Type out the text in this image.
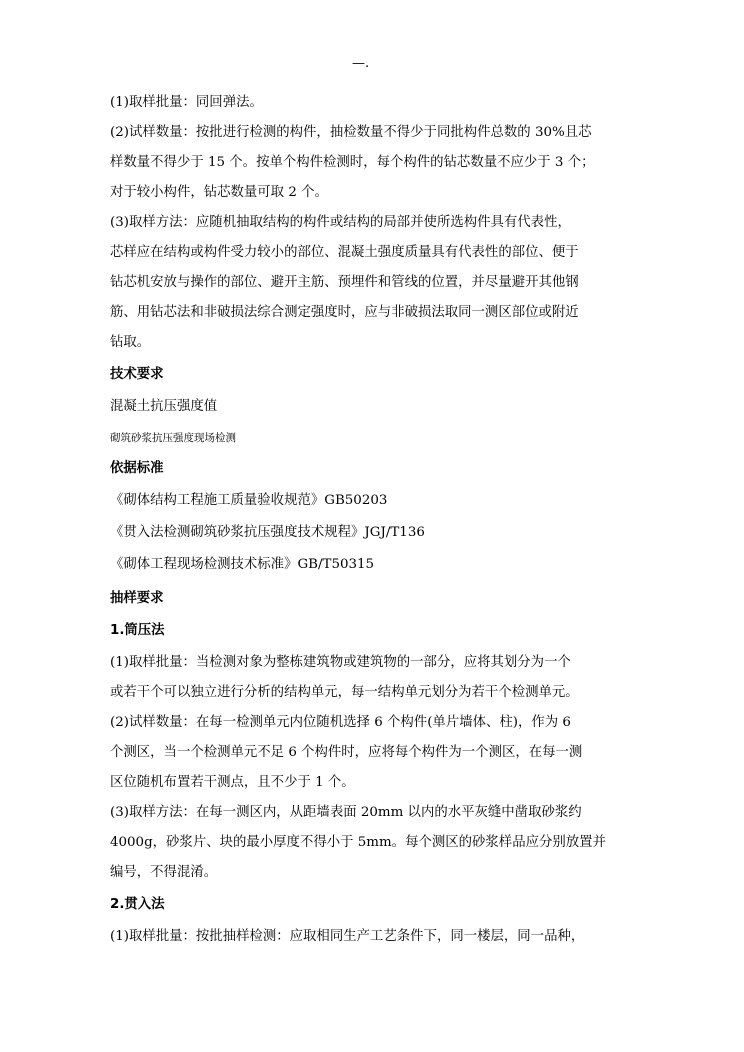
—.

(1)取样批量：同回弹法。

(2)试样数量：按批进行检测的构件，抽检数量不得少于同批构件总数的 30%且芯
样数量不得少于 15 个。按单个构件检测时，每个构件的钻芯数量不应少于 3 个；
对于较小构件，钻芯数量可取 2 个。

(3)取样方法：应随机抽取结构的构件或结构的局部并使所选构件具有代表性，
芯样应在结构或构件受力较小的部位、混凝土强度质量具有代表性的部位、便于
钻芯机安放与操作的部位、避开主筋、预埋件和管线的位置，并尽量避开其他钢
筋、用钻芯法和非破损法综合测定强度时，应与非破损法取同一测区部位或附近
钻取。

技术要求

混凝土抗压强度值

砌筑砂浆抗压强度现场检测

依据标准

《砌体结构工程施工质量验收规范》GB50203

《贯入法检测砌筑砂浆抗压强度技术规程》JGJ/T136

《砌体工程现场检测技术标准》GB/T50315

抽样要求
1.筒压法

(1)取样批量：当检测对象为整栋建筑物或建筑物的一部分，应将其划分为一个
或若干个可以独立进行分析的结构单元，每一结构单元划分为若干个检测单元。

(2)试样数量：在每一检测单元内位随机选择 6 个构件(单片墙体、柱)，作为 6
个测区，当一个检测单元不足 6 个构件时，应将每个构件为一个测区，在每一测
区位随机布置若干测点，且不少于 1 个。

(3)取样方法：在每一测区内，从距墙表面 20mm 以内的水平灰缝中凿取砂浆约
4000g，砂浆片、块的最小厚度不得小于 5mm。每个测区的砂浆样品应分别放置并
编号，不得混淆。

2.贯入法

(1)取样批量：按批抽样检测：应取相同生产工艺条件下，同一楼层，同一品种，
